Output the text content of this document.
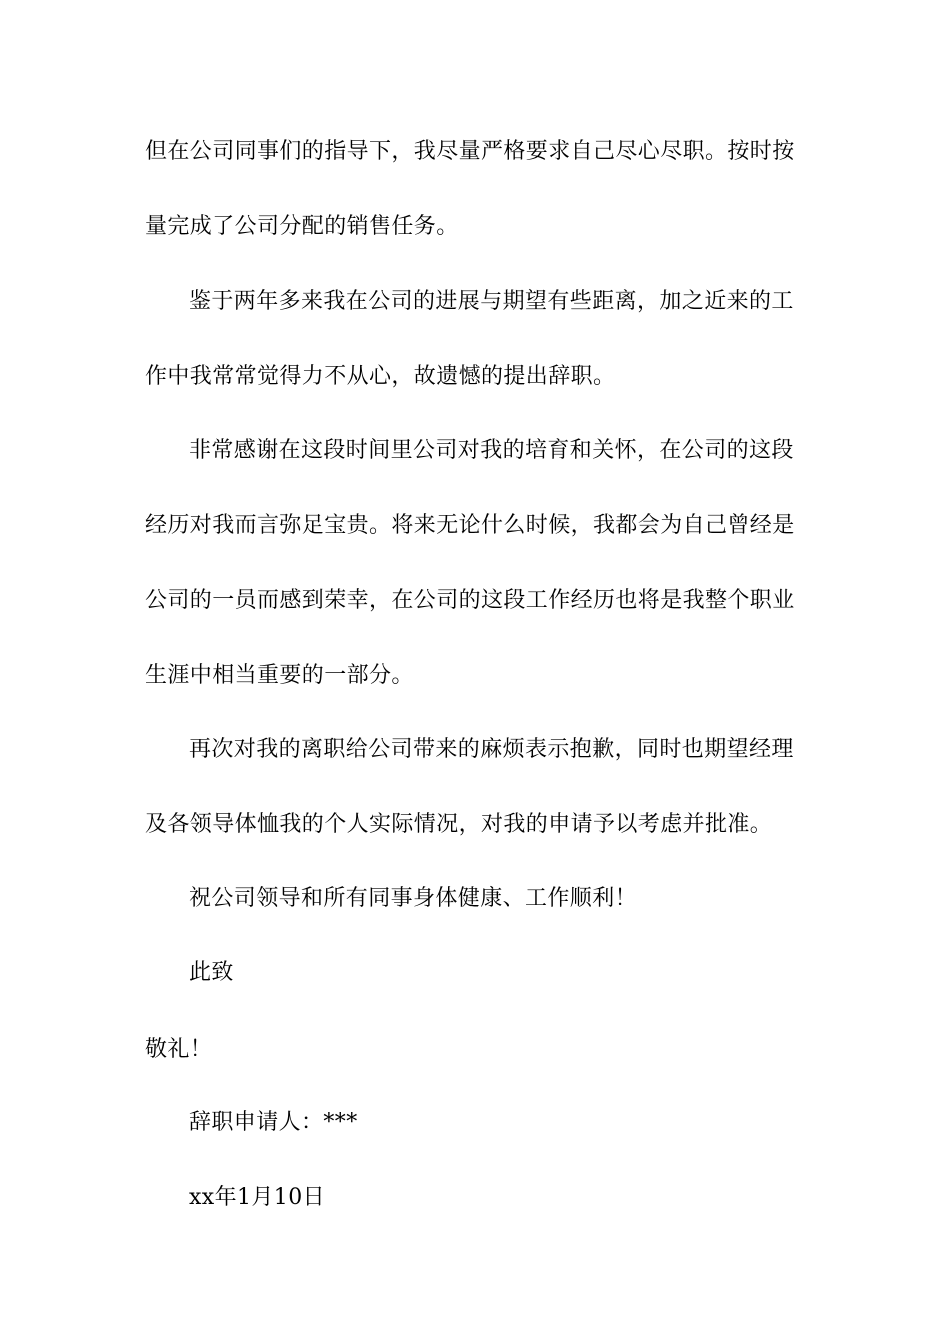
但在公司同事们的指导下，我尽量严格要求自己尽心尽职。按时按
量完成了公司分配的销售任务。
鉴于两年多来我在公司的进展与期望有些距离，加之近来的工
作中我常常觉得力不从心，故遗憾的提出辞职。
非常感谢在这段时间里公司对我的培育和关怀，在公司的这段
经历对我而言弥足宝贵。将来无论什么时候，我都会为自己曾经是
公司的一员而感到荣幸，在公司的这段工作经历也将是我整个职业
生涯中相当重要的一部分。
再次对我的离职给公司带来的麻烦表示抱歉，同时也期望经理
及各领导体恤我的个人实际情况，对我的申请予以考虑并批准。
祝公司领导和所有同事身体健康、工作顺利！
此致
敬礼！
辞职申请人：***
xx年1月10日
